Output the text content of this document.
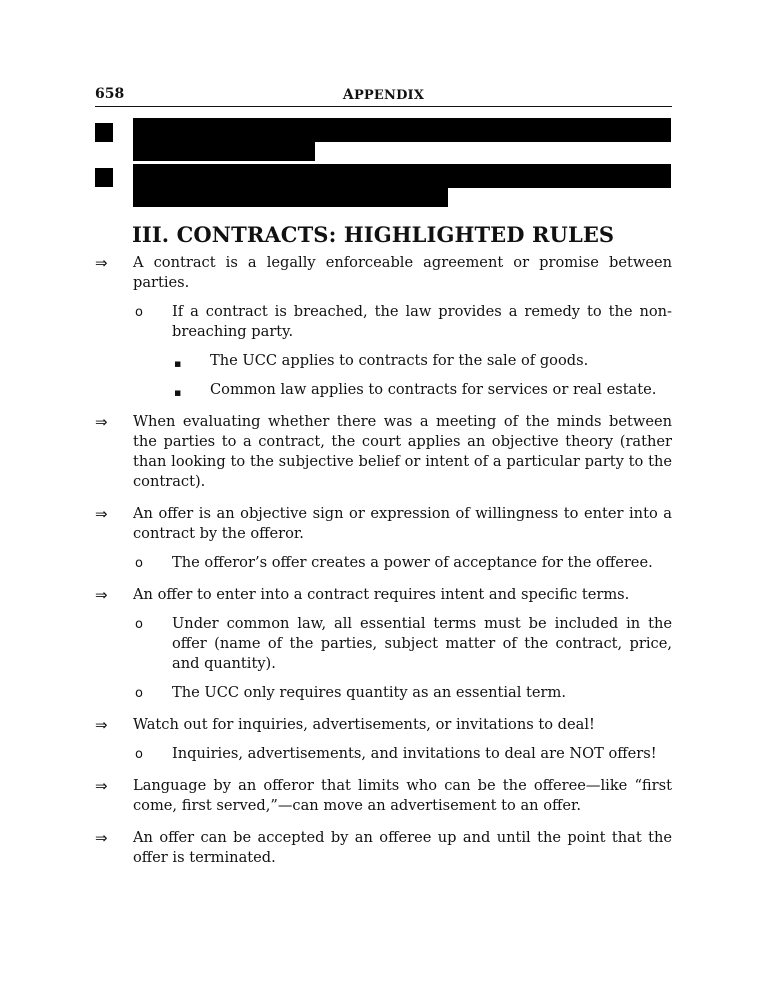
658	APPENDIX
III. CONTRACTS: HIGHLIGHTED RULES
⇒ A contract is a legally enforceable agreement or promise between parties.

o If a contract is breached, the law provides a remedy to the non-breaching party.

▪ The UCC applies to contracts for the sale of goods.

▪ Common law applies to contracts for services or real estate.

⇒ When evaluating whether there was a meeting of the minds between the parties to a contract, the court applies an objective theory (rather than looking to the subjective belief or intent of a particular party to the contract).

⇒ An offer is an objective sign or expression of willingness to enter into a contract by the offeror.

o The offeror’s offer creates a power of acceptance for the offeree.

⇒ An offer to enter into a contract requires intent and specific terms.

o Under common law, all essential terms must be included in the offer (name of the parties, subject matter of the contract, price, and quantity).

o The UCC only requires quantity as an essential term.

⇒ Watch out for inquiries, advertisements, or invitations to deal!

o Inquiries, advertisements, and invitations to deal are NOT offers!

⇒ Language by an offeror that limits who can be the offeree—like “first come, first served,”—can move an advertisement to an offer.

⇒ An offer can be accepted by an offeree up and until the point that the offer is terminated.
